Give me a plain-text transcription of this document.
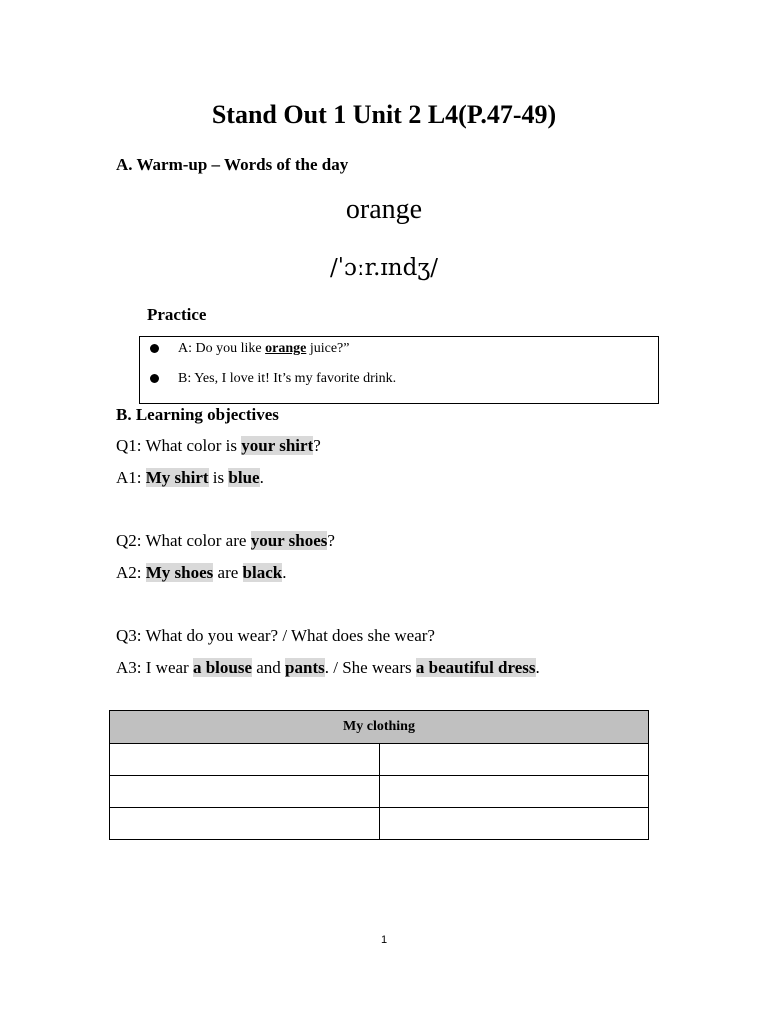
Stand Out 1 Unit 2 L4(P.47-49)
A. Warm-up – Words of the day
orange
/ˈɔːr.ɪndʒ/
Practice
A: Do you like orange juice?”
B: Yes, I love it! It’s my favorite drink.
B. Learning objectives
Q1: What color is your shirt?
A1: My shirt is blue.
Q2: What color are your shoes?
A2: My shoes are black.
Q3: What do you wear? / What does she wear?
A3: I wear a blouse and pants. / She wears a beautiful dress.
My clothing	

1
